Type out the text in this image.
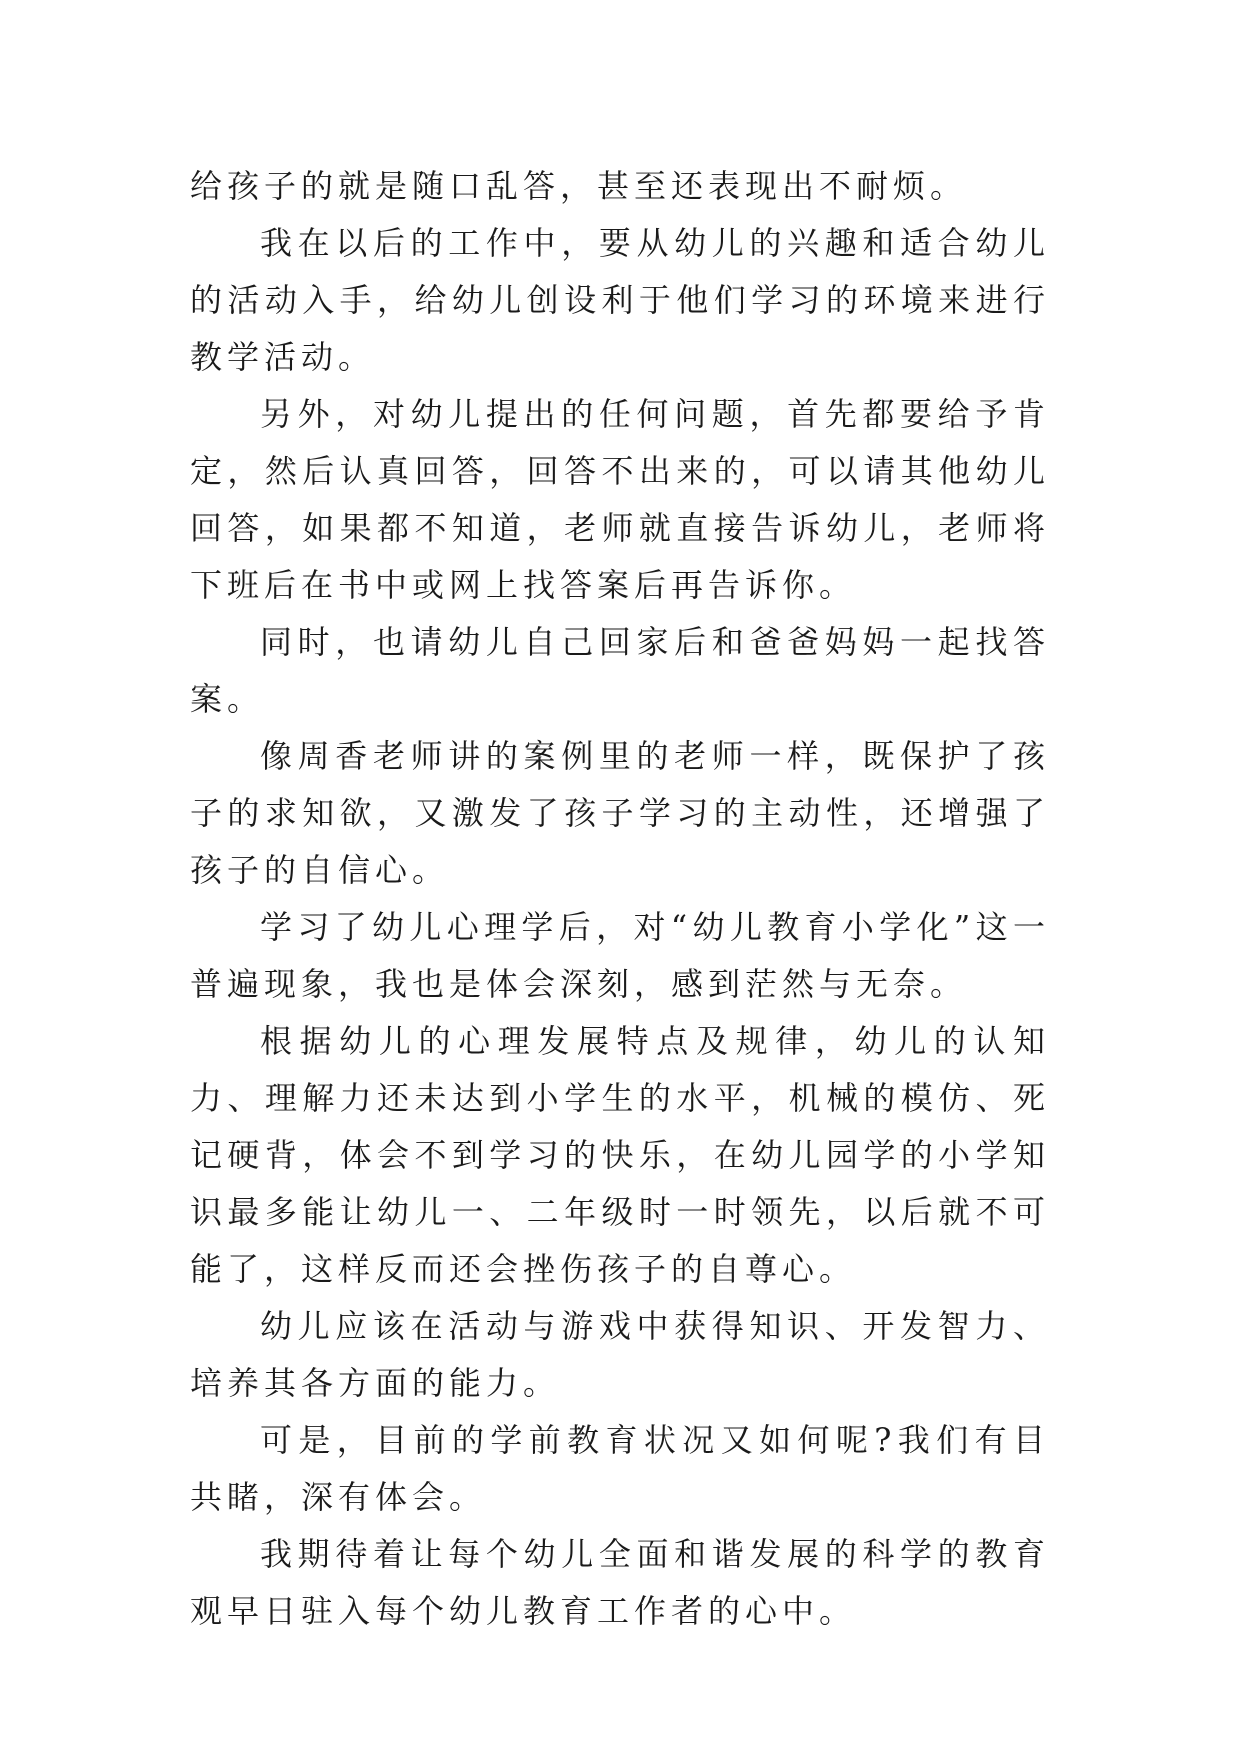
给孩子的就是随口乱答，甚至还表现出不耐烦。

我在以后的工作中，要从幼儿的兴趣和适合幼儿的活动入手，给幼儿创设利于他们学习的环境来进行教学活动。

另外，对幼儿提出的任何问题，首先都要给予肯定，然后认真回答，回答不出来的，可以请其他幼儿回答，如果都不知道，老师就直接告诉幼儿，老师将下班后在书中或网上找答案后再告诉你。

同时，也请幼儿自己回家后和爸爸妈妈一起找答案。

像周香老师讲的案例里的老师一样，既保护了孩子的求知欲，又激发了孩子学习的主动性，还增强了孩子的自信心。

学习了幼儿心理学后，对“幼儿教育小学化”这一普遍现象，我也是体会深刻，感到茫然与无奈。

根据幼儿的心理发展特点及规律，幼儿的认知力、理解力还未达到小学生的水平，机械的模仿、死记硬背，体会不到学习的快乐，在幼儿园学的小学知识最多能让幼儿一、二年级时一时领先，以后就不可能了，这样反而还会挫伤孩子的自尊心。

幼儿应该在活动与游戏中获得知识、开发智力、培养其各方面的能力。

可是，目前的学前教育状况又如何呢?我们有目共睹，深有体会。

我期待着让每个幼儿全面和谐发展的科学的教育观早日驻入每个幼儿教育工作者的心中。
